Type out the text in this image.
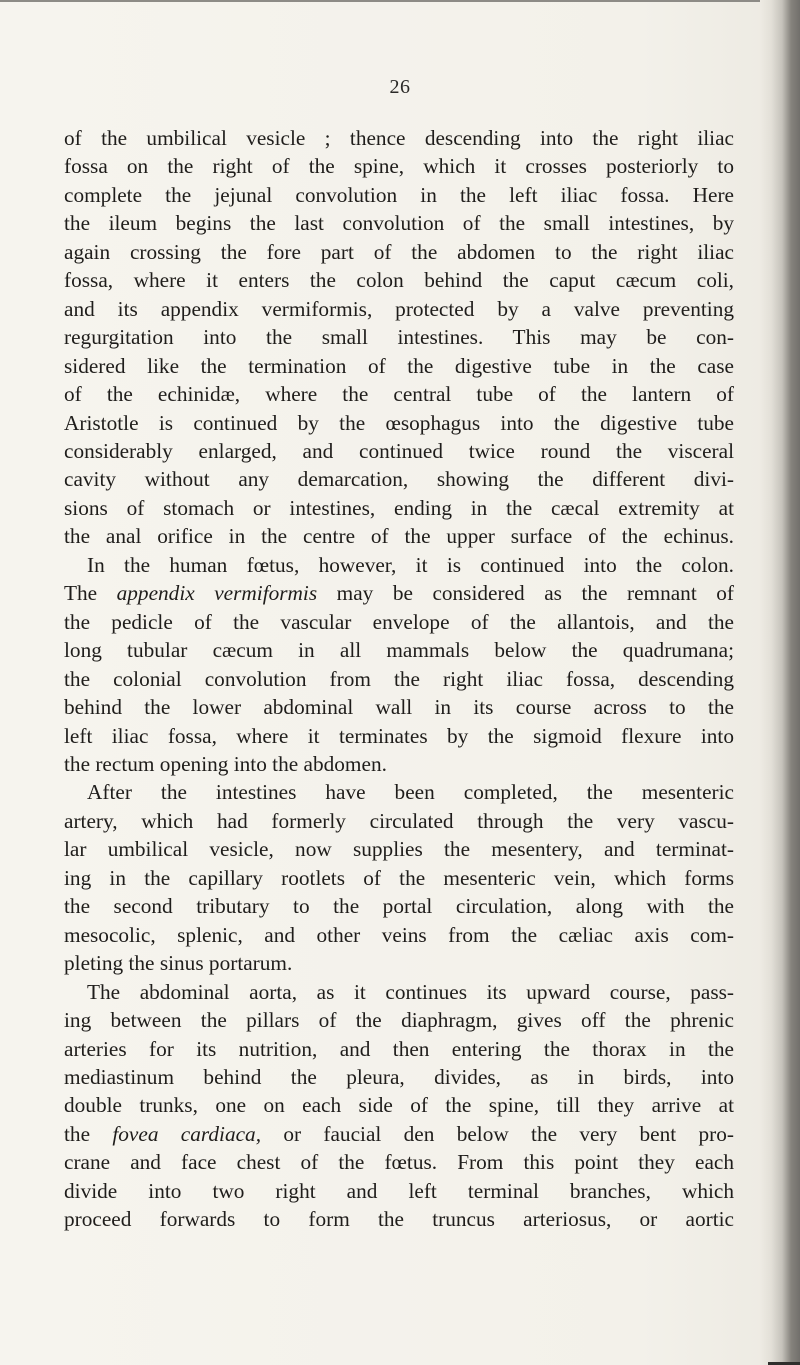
26
of the umbilical vesicle ; thence descending into the right iliac
fossa on the right of the spine, which it crosses posteriorly to
complete the jejunal convolution in the left iliac fossa. Here
the ileum begins the last convolution of the small intestines, by
again crossing the fore part of the abdomen to the right iliac
fossa, where it enters the colon behind the caput cæcum coli,
and its appendix vermiformis, protected by a valve preventing
regurgitation into the small intestines. This may be con-
sidered like the termination of the digestive tube in the case
of the echinidæ, where the central tube of the lantern of
Aristotle is continued by the œsophagus into the digestive tube
considerably enlarged, and continued twice round the visceral
cavity without any demarcation, showing the different divi-
sions of stomach or intestines, ending in the cæcal extremity at
the anal orifice in the centre of the upper surface of the echinus.
In the human fœtus, however, it is continued into the colon.
The appendix vermiformis may be considered as the remnant of
the pedicle of the vascular envelope of the allantois, and the
long tubular cæcum in all mammals below the quadrumana;
the colonial convolution from the right iliac fossa, descending
behind the lower abdominal wall in its course across to the
left iliac fossa, where it terminates by the sigmoid flexure into
the rectum opening into the abdomen.
After the intestines have been completed, the mesenteric
artery, which had formerly circulated through the very vascu-
lar umbilical vesicle, now supplies the mesentery, and terminat-
ing in the capillary rootlets of the mesenteric vein, which forms
the second tributary to the portal circulation, along with the
mesocolic, splenic, and other veins from the cæliac axis com-
pleting the sinus portarum.
The abdominal aorta, as it continues its upward course, pass-
ing between the pillars of the diaphragm, gives off the phrenic
arteries for its nutrition, and then entering the thorax in the
mediastinum behind the pleura, divides, as in birds, into
double trunks, one on each side of the spine, till they arrive at
the fovea cardiaca, or faucial den below the very bent pro-
crane and face chest of the fœtus. From this point they each
divide into two right and left terminal branches, which
proceed forwards to form the truncus arteriosus, or aortic
